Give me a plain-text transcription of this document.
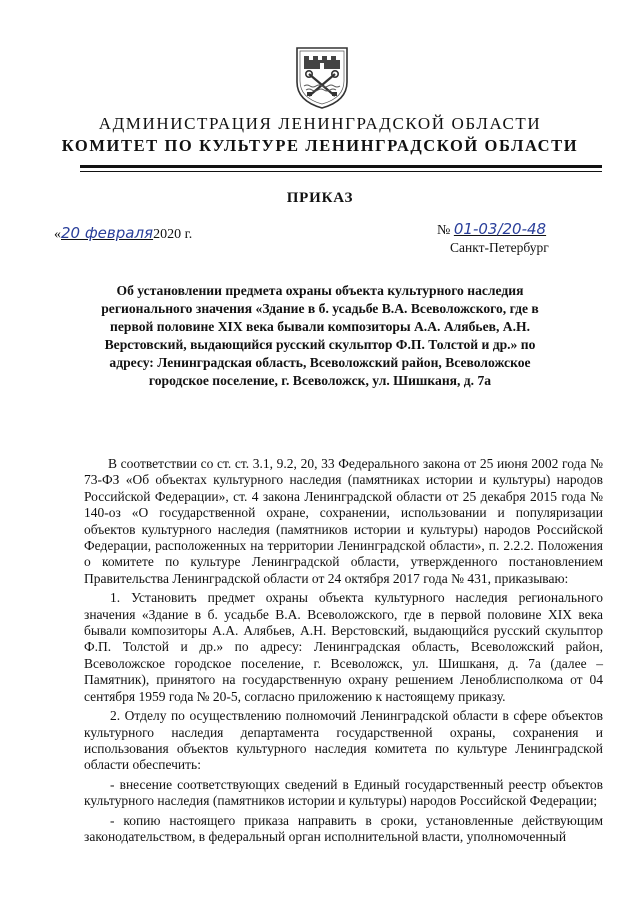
АДМИНИСТРАЦИЯ ЛЕНИНГРАДСКОЙ ОБЛАСТИ
КОМИТЕТ ПО КУЛЬТУРЕ ЛЕНИНГРАДСКОЙ ОБЛАСТИ
ПРИКАЗ
«20 февраля2020 г.	№ 01-03/20-48
Санкт-Петербург
Об установлении предмета охраны объекта культурного наследия регионального значения «Здание в б. усадьбе В.А. Всеволожского, где в первой половине XIX века бывали композиторы А.А. Алябьев, А.Н. Верстовский, выдающийся русский скульптор Ф.П. Толстой и др.» по адресу: Ленинградская область, Всеволожский район, Всеволожское городское поселение, г. Всеволожск, ул. Шишканя, д. 7а

В соответствии со ст. ст. 3.1, 9.2, 20, 33 Федерального закона от 25 июня 2002 года № 73-ФЗ «Об объектах культурного наследия (памятниках истории и культуры) народов Российской Федерации», ст. 4 закона Ленинградской области от 25 декабря 2015 года № 140-оз «О государственной охране, сохранении, использовании и популяризации объектов культурного наследия (памятников истории и культуры) народов Российской Федерации, расположенных на территории Ленинградской области», п. 2.2.2. Положения о комитете по культуре Ленинградской области, утвержденного постановлением Правительства Ленинградской области от 24 октября 2017 года № 431, приказываю:

1. Установить предмет охраны объекта культурного наследия регионального значения «Здание в б. усадьбе В.А. Всеволожского, где в первой половине XIX века бывали композиторы А.А. Алябьев, А.Н. Верстовский, выдающийся русский скульптор Ф.П. Толстой и др.» по адресу: Ленинградская область, Всеволожский район, Всеволожское городское поселение, г. Всеволожск, ул. Шишканя, д. 7а (далее – Памятник), принятого на государственную охрану решением Леноблисполкома от 04 сентября 1959 года № 20-5, согласно приложению к настоящему приказу.

2. Отделу по осуществлению полномочий Ленинградской области в сфере объектов культурного наследия департамента государственной охраны, сохранения и использования объектов культурного наследия комитета по культуре Ленинградской области обеспечить:

- внесение соответствующих сведений в Единый государственный реестр объектов культурного наследия (памятников истории и культуры) народов Российской Федерации;

- копию настоящего приказа направить в сроки, установленные действующим законодательством, в федеральный орган исполнительной власти, уполномоченный
